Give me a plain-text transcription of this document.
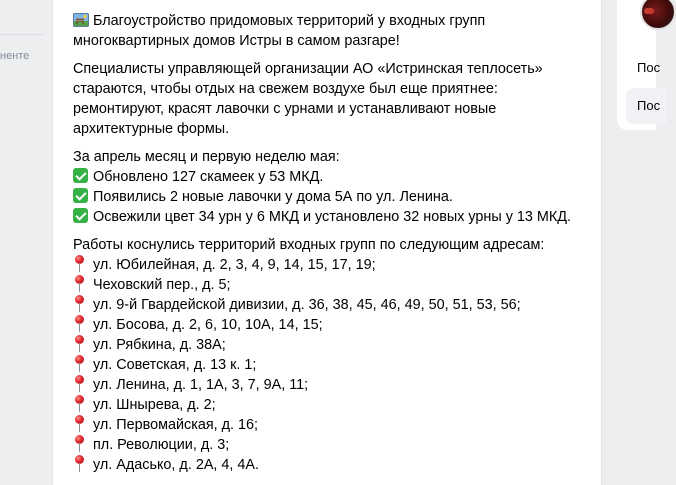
ненте
Благоустройство придомовых территорий у входных групп
многоквартирных домов Истры в самом разгаре!
Специалисты управляющей организации АО «Истринская теплосеть»
стараются, чтобы отдых на свежем воздухе был еще приятнее:
ремонтируют, красят лавочки с урнами и устанавливают новые
архитектурные формы.
За апрель месяц и первую неделю мая:
Обновлено 127 скамеек у 53 МКД.
Появились 2 новые лавочки у дома 5А по ул. Ленина.
Освежили цвет 34 урн у 6 МКД и установлено 32 новых урны у 13 МКД.
Работы коснулись территорий входных групп по следующим адресам:
ул. Юбилейная, д. 2, 3, 4, 9, 14, 15, 17, 19;
Чеховский пер., д. 5;
ул. 9-й Гвардейской дивизии, д. 36, 38, 45, 46, 49, 50, 51, 53, 56;
ул. Босова, д. 2, 6, 10, 10А, 14, 15;
ул. Рябкина, д. 38А;
ул. Советская, д. 13 к. 1;
ул. Ленина, д. 1, 1А, 3, 7, 9А, 11;
ул. Шнырева, д. 2;
ул. Первомайская, д. 16;
пл. Революции, д. 3;
ул. Адасько, д. 2А, 4, 4А.
Пос
Пос
